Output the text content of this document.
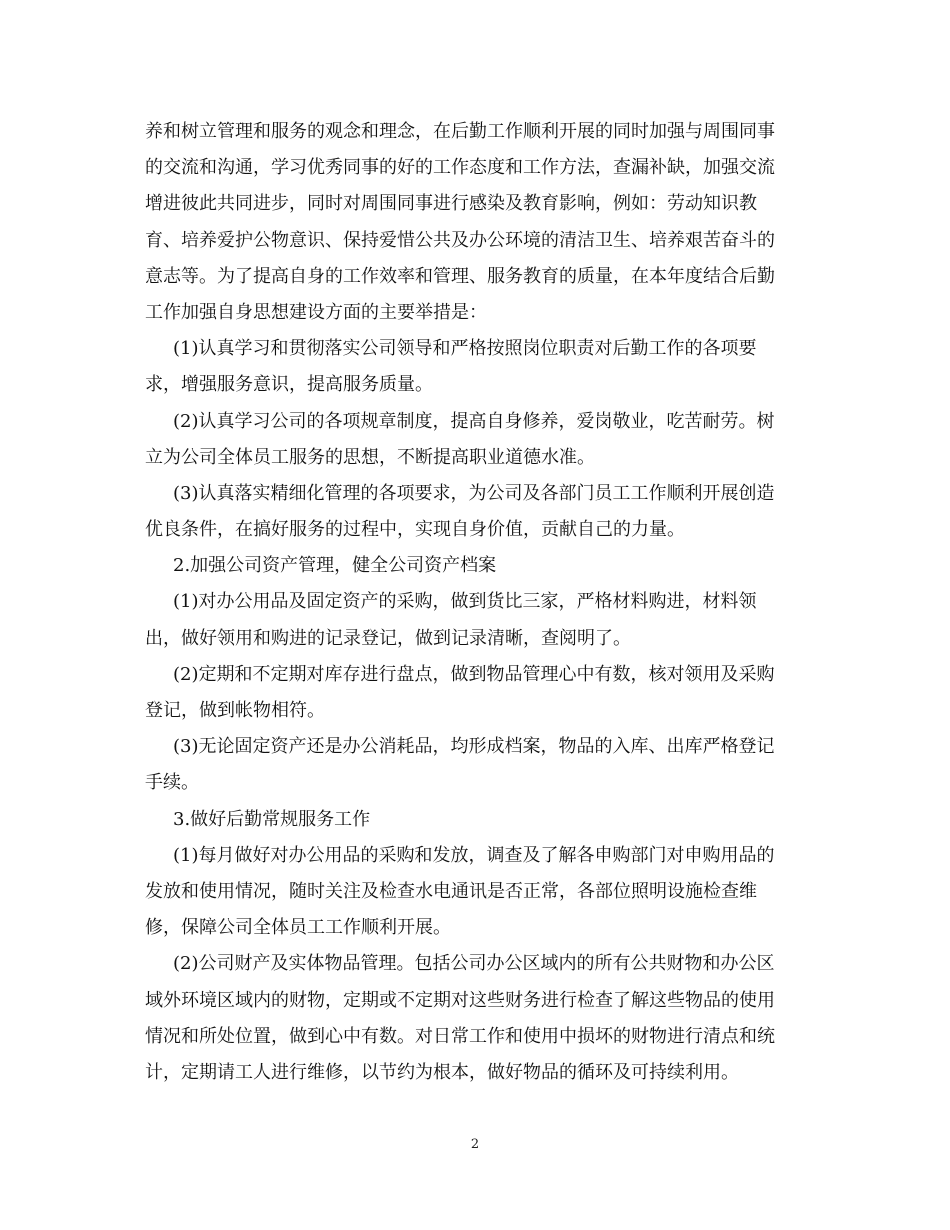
养和树立管理和服务的观念和理念，在后勤工作顺利开展的同时加强与周围同事
的交流和沟通，学习优秀同事的好的工作态度和工作方法，查漏补缺，加强交流
增进彼此共同进步，同时对周围同事进行感染及教育影响，例如：劳动知识教
育、培养爱护公物意识、保持爱惜公共及办公环境的清洁卫生、培养艰苦奋斗的
意志等。为了提高自身的工作效率和管理、服务教育的质量，在本年度结合后勤
工作加强自身思想建设方面的主要举措是：
(1)认真学习和贯彻落实公司领导和严格按照岗位职责对后勤工作的各项要
求，增强服务意识，提高服务质量。
(2)认真学习公司的各项规章制度，提高自身修养，爱岗敬业，吃苦耐劳。树
立为公司全体员工服务的思想，不断提高职业道德水准。
(3)认真落实精细化管理的各项要求，为公司及各部门员工工作顺利开展创造
优良条件，在搞好服务的过程中，实现自身价值，贡献自己的力量。
2.加强公司资产管理，健全公司资产档案
(1)对办公用品及固定资产的采购，做到货比三家，严格材料购进，材料领
出，做好领用和购进的记录登记，做到记录清晰，查阅明了。
(2)定期和不定期对库存进行盘点，做到物品管理心中有数，核对领用及采购
登记，做到帐物相符。
(3)无论固定资产还是办公消耗品，均形成档案，物品的入库、出库严格登记
手续。
3.做好后勤常规服务工作
(1)每月做好对办公用品的采购和发放，调查及了解各申购部门对申购用品的
发放和使用情况，随时关注及检查水电通讯是否正常，各部位照明设施检查维
修，保障公司全体员工工作顺利开展。
(2)公司财产及实体物品管理。包括公司办公区域内的所有公共财物和办公区
域外环境区域内的财物，定期或不定期对这些财务进行检查了解这些物品的使用
情况和所处位置，做到心中有数。对日常工作和使用中损坏的财物进行清点和统
计，定期请工人进行维修，以节约为根本，做好物品的循环及可持续利用。
2
